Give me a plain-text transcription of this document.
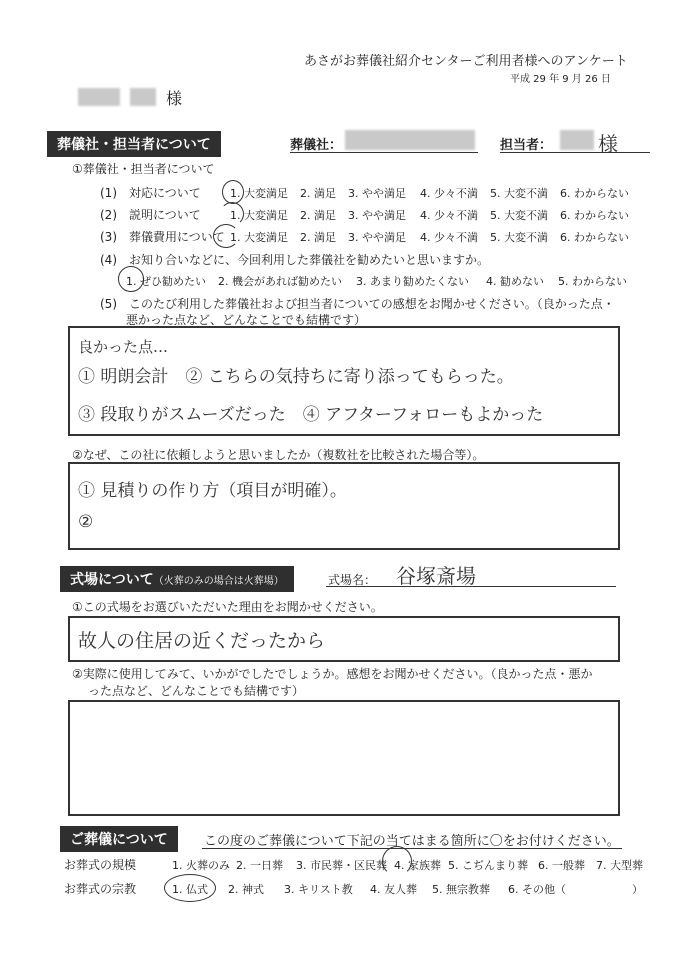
あさがお葬儀社紹介センターご利用者様へのアンケート
平成 29 年 9 月 26 日
様
葬儀社・担当者について	葬儀社：	担当者： 様
①葬儀社・担当者について
(1)　対応について	1. 大変満足 2. 満足 3. やや満足 4. 少々不満 5. 大変不満 6. わからない
(2)　説明について	1. 大変満足 2. 満足 3. やや満足 4. 少々不満 5. 大変不満 6. わからない
(3)　葬儀費用について 1. 大変満足 2. 満足 3. やや満足 4. 少々不満 5. 大変不満 6. わからない
(4)　お知り合いなどに、今回利用した葬儀社を勧めたいと思いますか。
1. ぜひ勧めたい 2. 機会があれば勧めたい 3. あまり勧めたくない 4. 勧めない 5. わからない
(5)　このたび利用した葬儀社および担当者についての感想をお聞かせください。（良かった点・
悪かった点など、どんなことでも結構です）
良かった点…
① 明朗会計　② こちらの気持ちに寄り添ってもらった。
③ 段取りがスムーズだった　④ アフターフォローもよかった
②なぜ、この社に依頼しようと思いましたか（複数社を比較された場合等）。
① 見積りの作り方（項目が明確）。
②
式場について（火葬のみの場合は火葬場）	式場名： 谷塚斎場
①この式場をお選びいただいた理由をお聞かせください。
故人の住居の近くだったから
②実際に使用してみて、いかがでしたでしょうか。感想をお聞かせください。（良かった点・悪か
った点など、どんなことでも結構です）
ご葬儀について	この度のご葬儀について下記の当てはまる箇所に〇をお付けください。
お葬式の規模	1. 火葬のみ 2. 一日葬 3. 市民葬・区民葬 4. 家族葬 5. こぢんまり葬 6. 一般葬 7. 大型葬
お葬式の宗教	1. 仏式 2. 神式 3. キリスト教 4. 友人葬 5. 無宗教葬 6. その他（　　　　　　）
